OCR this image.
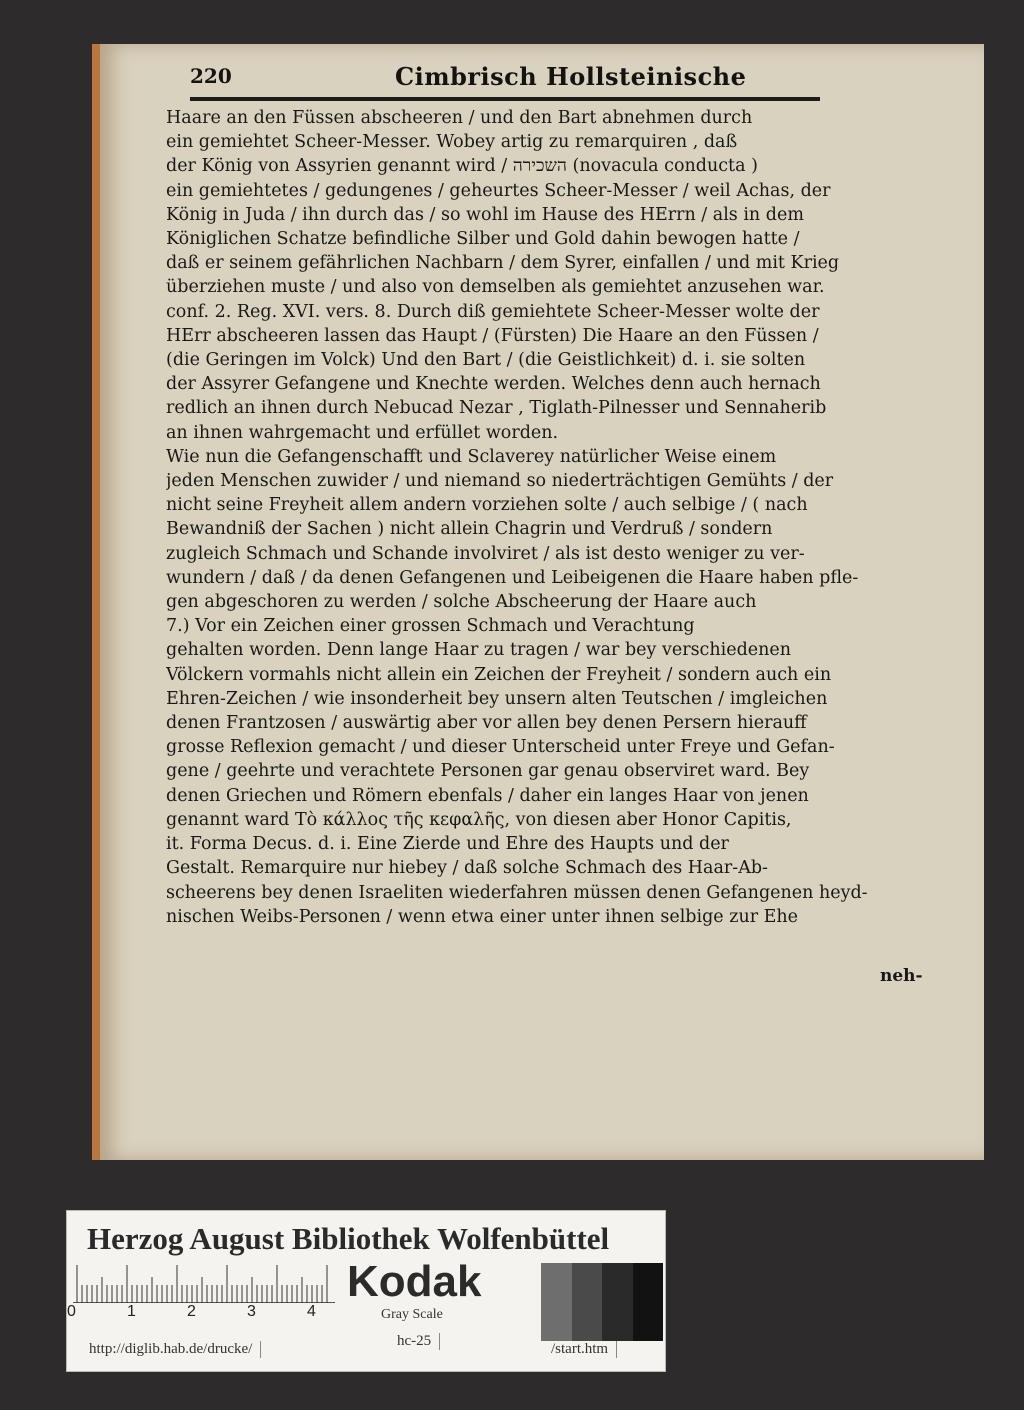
220	Cimbrisch Hollsteinische
Haare an den Füssen abscheeren / und den Bart abnehmen durch
ein gemiehtet Scheer-Messer. Wobey artig zu remarquiren , daß
der König von Assyrien genannt wird / השכירה (novacula conducta )
ein gemiehtetes / gedungenes / geheurtes Scheer-Messer / weil Achas, der
König in Juda / ihn durch das / so wohl im Hause des HErrn / als in dem
Königlichen Schatze befindliche Silber und Gold dahin bewogen hatte /
daß er seinem gefährlichen Nachbarn / dem Syrer, einfallen / und mit Krieg
überziehen muste / und also von demselben als gemiehtet anzusehen war.
conf. 2. Reg. XVI. vers. 8. Durch diß gemiehtete Scheer-Messer wolte der
HErr abscheeren lassen das Haupt / (Fürsten) Die Haare an den Füssen /
(die Geringen im Volck) Und den Bart / (die Geistlichkeit) d. i. sie solten
der Assyrer Gefangene und Knechte werden. Welches denn auch hernach
redlich an ihnen durch Nebucad Nezar , Tiglath-Pilnesser und Sennaherib
an ihnen wahrgemacht und erfüllet worden.
Wie nun die Gefangenschafft und Sclaverey natürlicher Weise einem
jeden Menschen zuwider / und niemand so niederträchtigen Gemühts / der
nicht seine Freyheit allem andern vorziehen solte / auch selbige / ( nach
Bewandniß der Sachen ) nicht allein Chagrin und Verdruß / sondern
zugleich Schmach und Schande involviret / als ist desto weniger zu ver-
wundern / daß / da denen Gefangenen und Leibeigenen die Haare haben pfle-
gen abgeschoren zu werden / solche Abscheerung der Haare auch
7.) Vor ein Zeichen einer grossen Schmach und Verachtung
gehalten worden. Denn lange Haar zu tragen / war bey verschiedenen
Völckern vormahls nicht allein ein Zeichen der Freyheit / sondern auch ein
Ehren-Zeichen / wie insonderheit bey unsern alten Teutschen / imgleichen
denen Frantzosen / auswärtig aber vor allen bey denen Persern hierauff
grosse Reflexion gemacht / und dieser Unterscheid unter Freye und Gefan-
gene / geehrte und verachtete Personen gar genau observiret ward. Bey
denen Griechen und Römern ebenfals / daher ein langes Haar von jenen
genannt ward Τὸ κάλλος τῆς κεφαλῆς, von diesen aber Honor Capitis,
it. Forma Decus. d. i. Eine Zierde und Ehre des Haupts und der
Gestalt. Remarquire nur hiebey / daß solche Schmach des Haar-Ab-
scheerens bey denen Israeliten wiederfahren müssen denen Gefangenen heyd-
nischen Weibs-Personen / wenn etwa einer unter ihnen selbige zur Ehe
neh-
Herzog August Bibliothek Wolfenbüttel
0	1	2	3	4
Kodak
Gray Scale
http://diglib.hab.de/drucke/	hc-25	/start.htm
